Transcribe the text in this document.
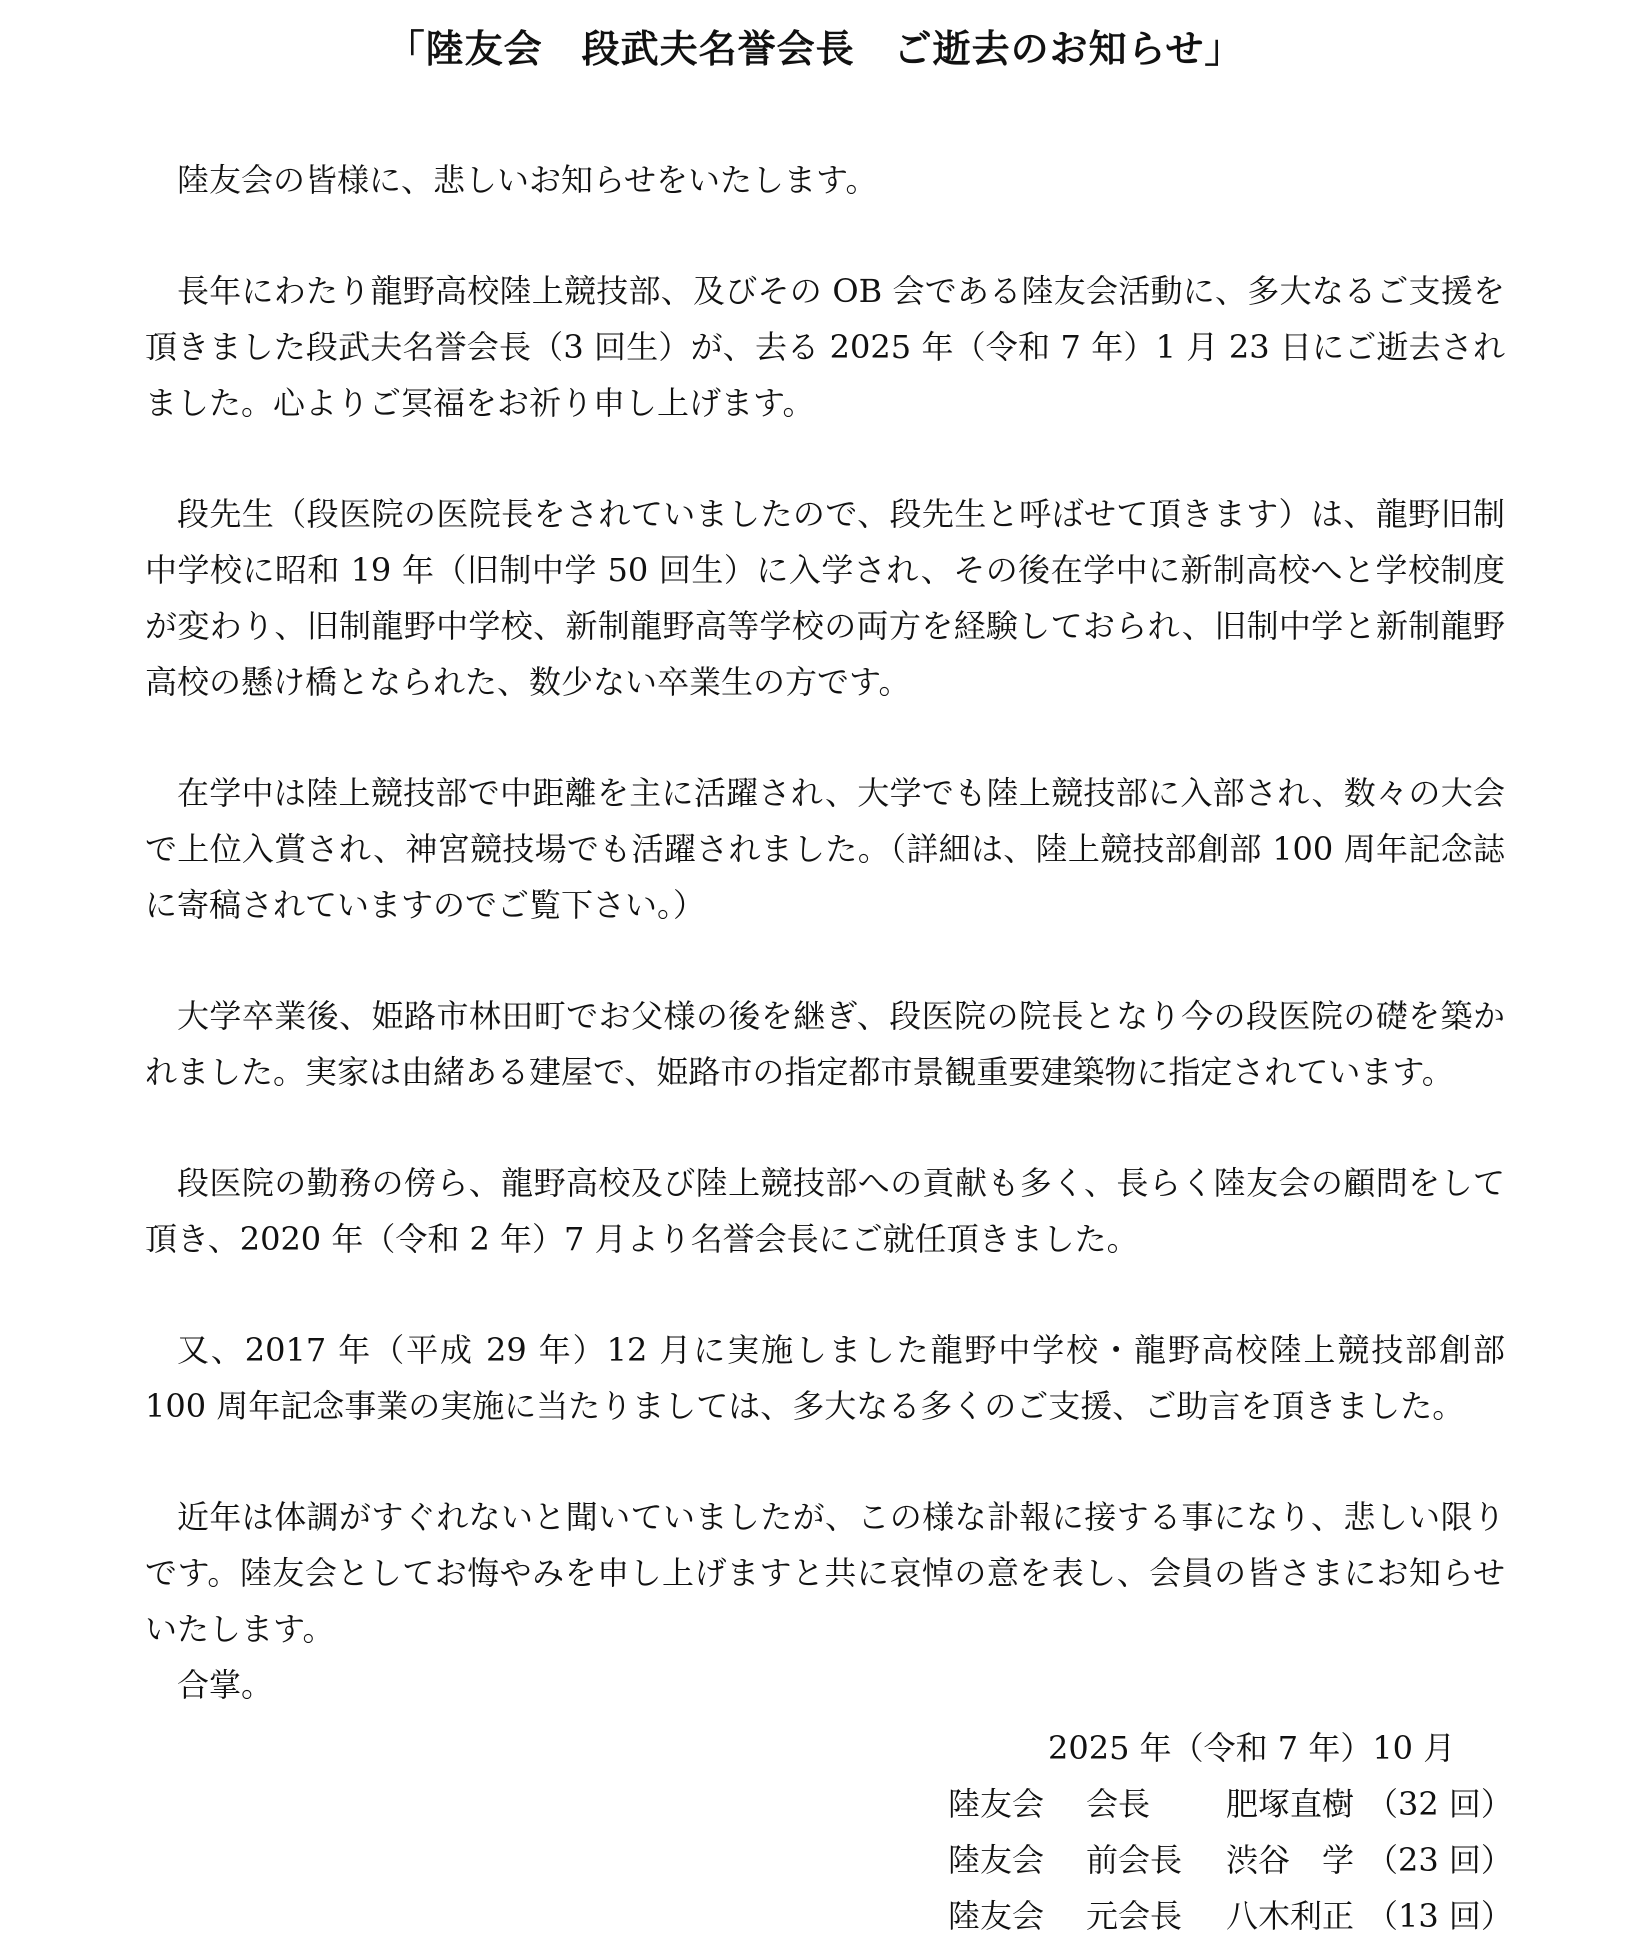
「陸友会　段武夫名誉会長　ご逝去のお知らせ」

陸友会の皆様に、悲しいお知らせをいたします。

長年にわたり龍野高校陸上競技部、及びその OB 会である陸友会活動に、多大なるご支援を頂きました段武夫名誉会長（3 回生）が、去る 2025 年（令和 7 年）1 月 23 日にご逝去されました。心よりご冥福をお祈り申し上げます。

段先生（段医院の医院長をされていましたので、段先生と呼ばせて頂きます）は、龍野旧制中学校に昭和 19 年（旧制中学 50 回生）に入学され、その後在学中に新制高校へと学校制度が変わり、旧制龍野中学校、新制龍野高等学校の両方を経験しておられ、旧制中学と新制龍野高校の懸け橋となられた、数少ない卒業生の方です。

在学中は陸上競技部で中距離を主に活躍され、大学でも陸上競技部に入部され、数々の大会で上位入賞され、神宮競技場でも活躍されました。（詳細は、陸上競技部創部 100 周年記念誌に寄稿されていますのでご覧下さい。）

大学卒業後、姫路市林田町でお父様の後を継ぎ、段医院の院長となり今の段医院の礎を築かれました。実家は由緒ある建屋で、姫路市の指定都市景観重要建築物に指定されています。

段医院の勤務の傍ら、龍野高校及び陸上競技部への貢献も多く、長らく陸友会の顧問をして頂き、2020 年（令和 2 年）7 月より名誉会長にご就任頂きました。

又、2017 年（平成 29 年）12 月に実施しました龍野中学校・龍野高校陸上競技部創部 100 周年記念事業の実施に当たりましては、多大なる多くのご支援、ご助言を頂きました。

近年は体調がすぐれないと聞いていましたが、この様な訃報に接する事になり、悲しい限りです。陸友会としてお悔やみを申し上げますと共に哀悼の意を表し、会員の皆さまにお知らせいたします。

合掌。

2025 年（令和 7 年）10 月
陸友会	会長	肥塚直樹 （32 回）
陸友会	前会長	渋谷　学 （23 回）
陸友会	元会長	八木利正 （13 回）
